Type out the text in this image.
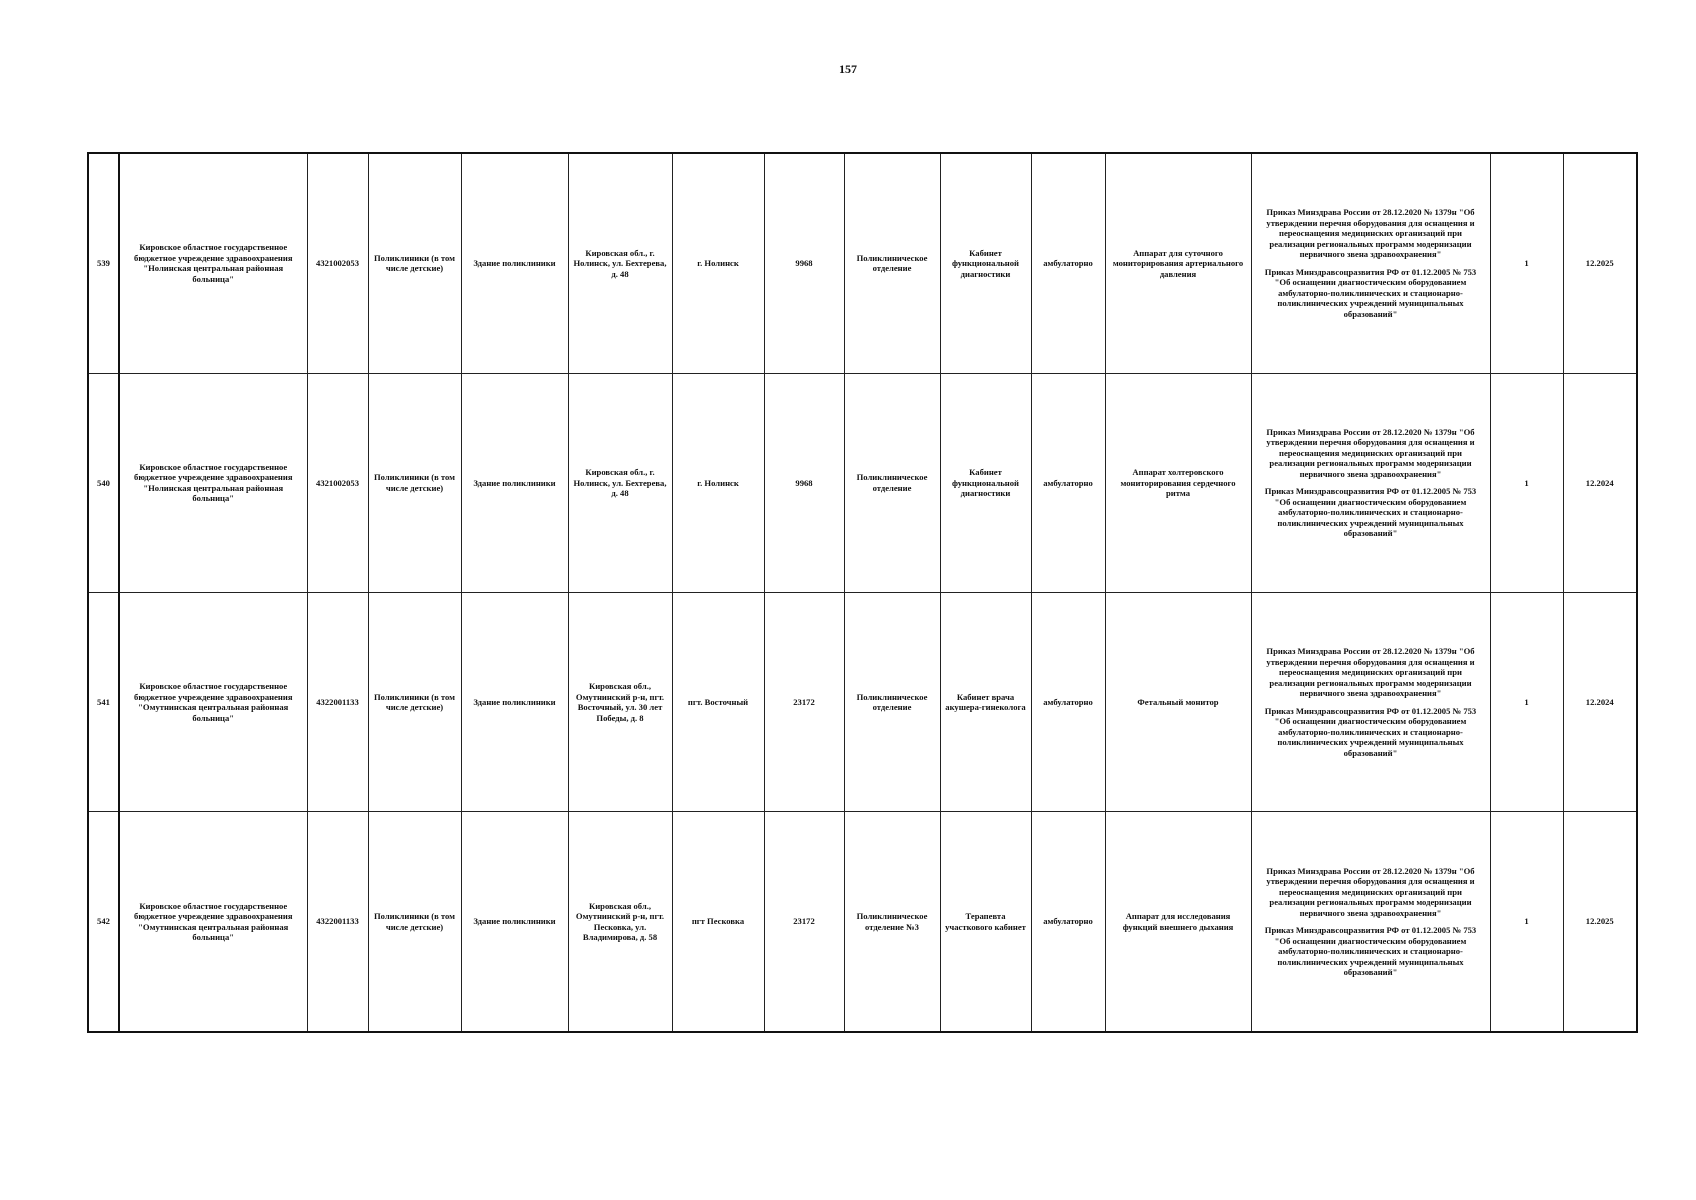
157
539	Кировское областное государственное бюджетное учреждение здравоохранения "Нолинская центральная районная больница"	4321002053	Поликлиники (в том числе детские)	Здание поликлиники	Кировская обл., г. Нолинск, ул. Бехтерева, д. 48	г. Нолинск	9968	Поликлиническое отделение	Кабинет функциональной диагностики	амбулаторно	Аппарат для суточного мониторирования артериального давления	Приказ Минздрава России от 28.12.2020 № 1379н "Об утверждении перечня оборудования для оснащения и переоснащения медицинских организаций при реализации региональных программ модернизации первичного звена здравоохранения"
Приказ Минздравсоцразвития РФ от 01.12.2005 № 753 "Об оснащении диагностическим оборудованием амбулаторно-поликлинических и стационарно-поликлинических учреждений муниципальных образований"	1	12.2025
540	Кировское областное государственное бюджетное учреждение здравоохранения "Нолинская центральная районная больница"	4321002053	Поликлиники (в том числе детские)	Здание поликлиники	Кировская обл., г. Нолинск, ул. Бехтерева, д. 48	г. Нолинск	9968	Поликлиническое отделение	Кабинет функциональной диагностики	амбулаторно	Аппарат холтеровского мониторирования сердечного ритма	Приказ Минздрава России от 28.12.2020 № 1379н "Об утверждении перечня оборудования для оснащения и переоснащения медицинских организаций при реализации региональных программ модернизации первичного звена здравоохранения"
Приказ Минздравсоцразвития РФ от 01.12.2005 № 753 "Об оснащении диагностическим оборудованием амбулаторно-поликлинических и стационарно-поликлинических учреждений муниципальных образований"	1	12.2024
541	Кировское областное государственное бюджетное учреждение здравоохранения "Омутнинская центральная районная больница"	4322001133	Поликлиники (в том числе детские)	Здание поликлиники	Кировская обл., Омутнинский р-н, пгт. Восточный, ул. 30 лет Победы, д. 8	пгт. Восточный	23172	Поликлиническое отделение	Кабинет врача акушера-гинеколога	амбулаторно	Фетальный монитор	Приказ Минздрава России от 28.12.2020 № 1379н "Об утверждении перечня оборудования для оснащения и переоснащения медицинских организаций при реализации региональных программ модернизации первичного звена здравоохранения"
Приказ Минздравсоцразвития РФ от 01.12.2005 № 753 "Об оснащении диагностическим оборудованием амбулаторно-поликлинических и стационарно-поликлинических учреждений муниципальных образований"	1	12.2024
542	Кировское областное государственное бюджетное учреждение здравоохранения "Омутнинская центральная районная больница"	4322001133	Поликлиники (в том числе детские)	Здание поликлиники	Кировская обл., Омутнинский р-н, пгт. Песковка, ул. Владимирова, д. 58	пгт Песковка	23172	Поликлиническое отделение №3	Терапевта участкового кабинет	амбулаторно	Аппарат для исследования функций внешнего дыхания	Приказ Минздрава России от 28.12.2020 № 1379н "Об утверждении перечня оборудования для оснащения и переоснащения медицинских организаций при реализации региональных программ модернизации первичного звена здравоохранения"
Приказ Минздравсоцразвития РФ от 01.12.2005 № 753 "Об оснащении диагностическим оборудованием амбулаторно-поликлинических и стационарно-поликлинических учреждений муниципальных образований"	1	12.2025
